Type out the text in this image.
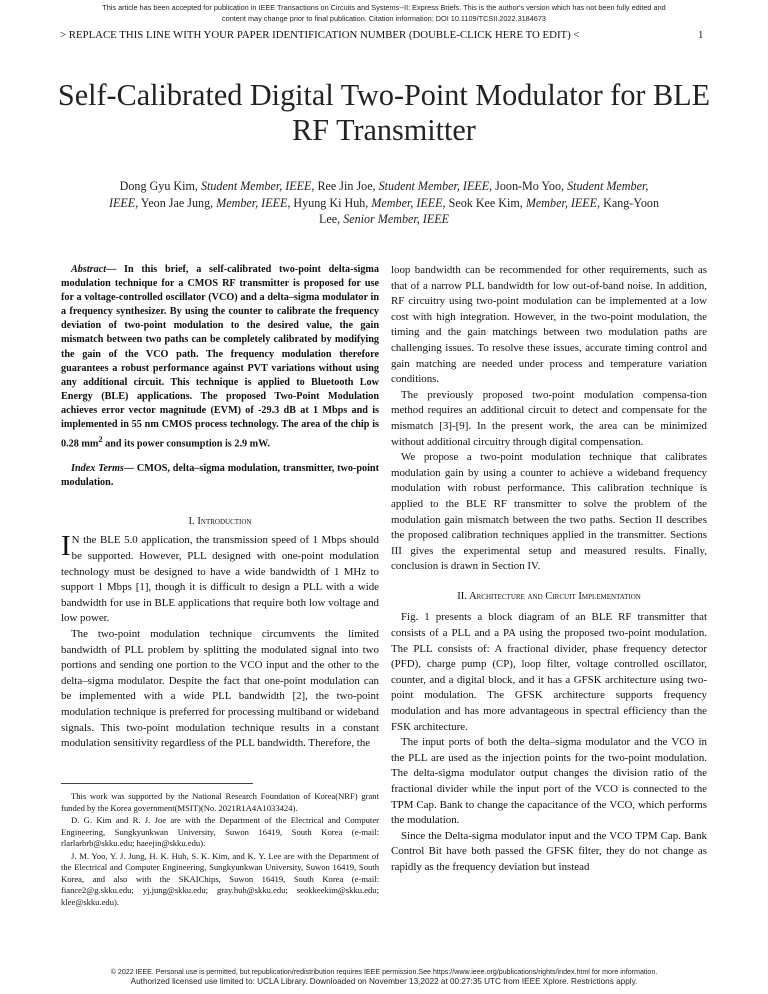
This article has been accepted for publication in IEEE Transactions on Circuits and Systems--II: Express Briefs. This is the author's version which has not been fully edited and
content may change prior to final publication. Citation information: DOI 10.1109/TCSII.2022.3184673
> REPLACE THIS LINE WITH YOUR PAPER IDENTIFICATION NUMBER (DOUBLE-CLICK HERE TO EDIT) <	1
Self-Calibrated Digital Two-Point Modulator for BLE RF Transmitter
Dong Gyu Kim, Student Member, IEEE, Ree Jin Joe, Student Member, IEEE, Joon-Mo Yoo, Student Member, IEEE, Yeon Jae Jung, Member, IEEE, Hyung Ki Huh, Member, IEEE, Seok Kee Kim, Member, IEEE, Kang-Yoon Lee, Senior Member, IEEE

Abstract— In this brief, a self-calibrated two-point delta-sigma modulation technique for a CMOS RF transmitter is proposed for use for a voltage-controlled oscillator (VCO) and a delta–sigma modulator in a frequency synthesizer. By using the counter to calibrate the frequency deviation of two-point modulation to the desired value, the gain mismatch between two paths can be completely calibrated by modifying the gain of the VCO path. The frequency modulation therefore guarantees a robust performance against PVT variations without using any additional circuit. This technique is applied to Bluetooth Low Energy (BLE) applications. The proposed Two-Point Modulation achieves error vector magnitude (EVM) of -29.3 dB at 1 Mbps and is implemented in 55 nm CMOS process technology. The area of the chip is 0.28 $mm^2$ and its power consumption is 2.9 mW.

Index Terms— CMOS, delta–sigma modulation, transmitter, two-point modulation.

I. Introduction

I N the BLE 5.0 application, the transmission speed of 1 Mbps should be supported. However, PLL designed with one-point modulation technology must be designed to have a wide bandwidth of 1 MHz to support 1 Mbps [1], though it is difficult to design a PLL with a wide bandwidth for use in BLE applications that require both low voltage and low power.

The two-point modulation technique circumvents the limited bandwidth of PLL problem by splitting the modulated signal into two portions and sending one portion to the VCO input and the other to the delta–sigma modulator. Despite the fact that one-point modulation can be implemented with a wide PLL bandwidth [2], the two-point modulation technique is preferred for processing multiband or wideband signals. This two-point modulation technique results in a constant modulation sensitivity regardless of the PLL bandwidth. Therefore, the

This work was supported by the National Research Foundation of Korea(NRF) grant funded by the Korea government(MSIT)(No. 2021R1A4A1033424).

D. G. Kim and R. J. Joe are with the Department of the Electrical and Computer Engineering, Sungkyunkwan University, Suwon 16419, South Korea (e-mail: rlarlarbrb@skku.edu; haeejin@skku.edu).

J. M. Yoo, Y. J. Jung, H. K. Huh, S. K. Kim, and K. Y. Lee are with the Department of the Electrical and Computer Engineering, Sungkyunkwan University, Suwon 16419, South Korea, and also with the SKAIChips, Suwon 16419, South Korea (e-mail: fiance2@g.skku.edu; yj.jung@skku.edu; gray.huh@skku.edu; seokkeekim@skku.edu; klee@skku.edu).

loop bandwidth can be recommended for other requirements, such as that of a narrow PLL bandwidth for low out-of-band noise. In addition, RF circuitry using two-point modulation can be implemented at a low cost with high integration. However, in the two-point modulation, the timing and the gain matchings between two modulation paths are challenging issues. To resolve these issues, accurate timing control and gain matching are needed under process and temperature variation conditions.

The previously proposed two-point modulation compensa-tion method requires an additional circuit to detect and compensate for the mismatch [3]-[9]. In the present work, the area can be minimized without additional circuitry through digital compensation.

We propose a two-point modulation technique that calibrates modulation gain by using a counter to achieve a wideband frequency modulation with robust performance. This calibration technique is applied to the BLE RF transmitter to solve the problem of the modulation gain mismatch between the two paths. Section II describes the proposed calibration techniques applied in the transmitter. Sections III gives the experimental setup and measured results. Finally, conclusion is drawn in Section IV.

II. Architecture and Circuit Implementation

Fig. 1 presents a block diagram of an BLE RF transmitter that consists of a PLL and a PA using the proposed two-point modulation. The PLL consists of: A fractional divider, phase frequency detector (PFD), charge pump (CP), loop filter, voltage controlled oscillator, counter, and a digital block, and it has a GFSK architecture using two-point modulation. The GFSK architecture supports frequency modulation and has more advantageous in spectral efficiency than the FSK architecture.

The input ports of both the delta–sigma modulator and the VCO in the PLL are used as the injection points for the two-point modulation. The delta-sigma modulator output changes the division ratio of the fractional divider while the input port of the VCO is connected to the TPM Cap. Bank to change the capacitance of the VCO, which performs the modulation.

Since the Delta-sigma modulator input and the VCO TPM Cap. Bank Control Bit have both passed the GFSK filter, they do not change as rapidly as the frequency deviation but instead

© 2022 IEEE. Personal use is permitted, but republication/redistribution requires IEEE permission.See https://www.ieee.org/publications/rights/index.html for more information.
Authorized licensed use limited to: UCLA Library. Downloaded on November 13,2022 at 00:27:35 UTC from IEEE Xplore. Restrictions apply.
